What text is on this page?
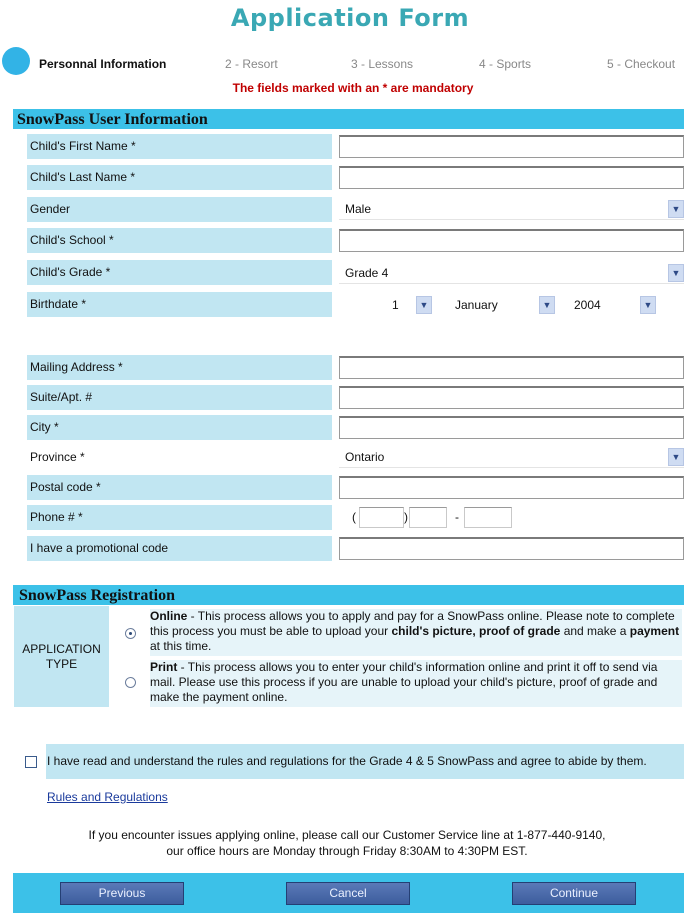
Application Form
Personnal Information	2 - Resort	3 - Lessons	4 - Sports	5 - Checkout
The fields marked with an * are mandatory
SnowPass User Information
Child's First Name *
Child's Last Name *
Gender	Male	▼
Child's School *
Child's Grade *	Grade 4	▼
Birthdate *	1	▼	January	▼	2004	▼
Mailing Address *
Suite/Apt. #
City *
Province *	Ontario	▼
Postal code *
Phone # *	(	)	-
I have a promotional code
SnowPass Registration
APPLICATION TYPE
Online - This process allows you to apply and pay for a SnowPass online. Please note to complete this process you must be able to upload your child's picture, proof of grade and make a payment at this time.
Print - This process allows you to enter your child's information online and print it off to send via mail. Please use this process if you are unable to upload your child's picture, proof of grade and make the payment online.
I have read and understand the rules and regulations for the Grade 4 & 5 SnowPass and agree to abide by them.
Rules and Regulations
If you encounter issues applying online, please call our Customer Service line at 1-877-440-9140,
our office hours are Monday through Friday 8:30AM to 4:30PM EST.
Previous	Cancel	Continue
